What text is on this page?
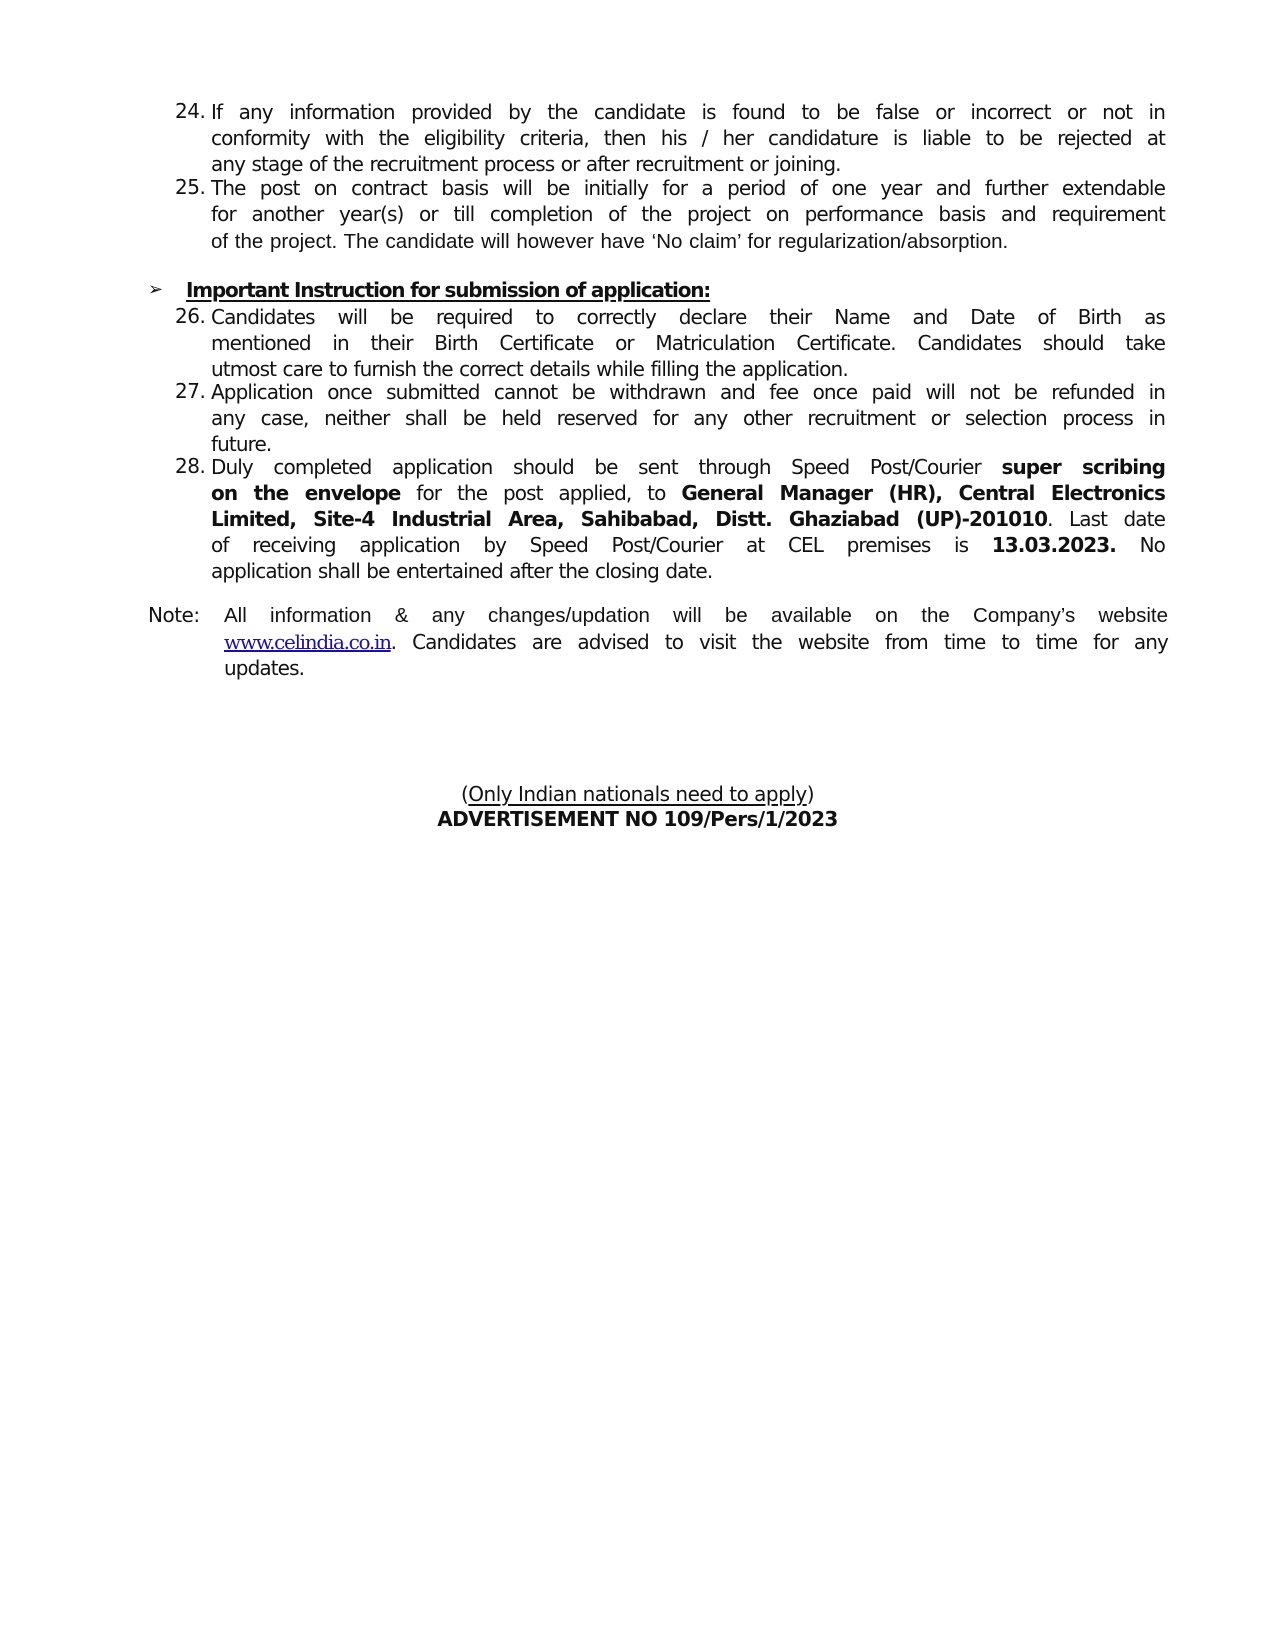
24. If any information provided by the candidate is found to be false or incorrect or not in
conformity with the eligibility criteria, then his / her candidature is liable to be rejected at
any stage of the recruitment process or after recruitment or joining.
25. The post on contract basis will be initially for a period of one year and further extendable
for another year(s) or till completion of the project on performance basis and requirement
of the project. The candidate will however have ‘No claim’ for regularization/absorption.
➢ Important Instruction for submission of application:
26. Candidates will be required to correctly declare their Name and Date of Birth as
mentioned in their Birth Certificate or Matriculation Certificate. Candidates should take
utmost care to furnish the correct details while filling the application.
27. Application once submitted cannot be withdrawn and fee once paid will not be refunded in
any case, neither shall be held reserved for any other recruitment or selection process in
future.
28. Duly completed application should be sent through Speed Post/Courier super scribing
on the envelope for the post applied, to General Manager (HR), Central Electronics
Limited, Site-4 Industrial Area, Sahibabad, Distt. Ghaziabad (UP)-201010. Last date
of receiving application by Speed Post/Courier at CEL premises is 13.03.2023. No
application shall be entertained after the closing date.
Note: All information & any changes/updation will be available on the Company’s website
www.celindia.co.in. Candidates are advised to visit the website from time to time for any
updates.
(Only Indian nationals need to apply)
ADVERTISEMENT NO 109/Pers/1/2023
